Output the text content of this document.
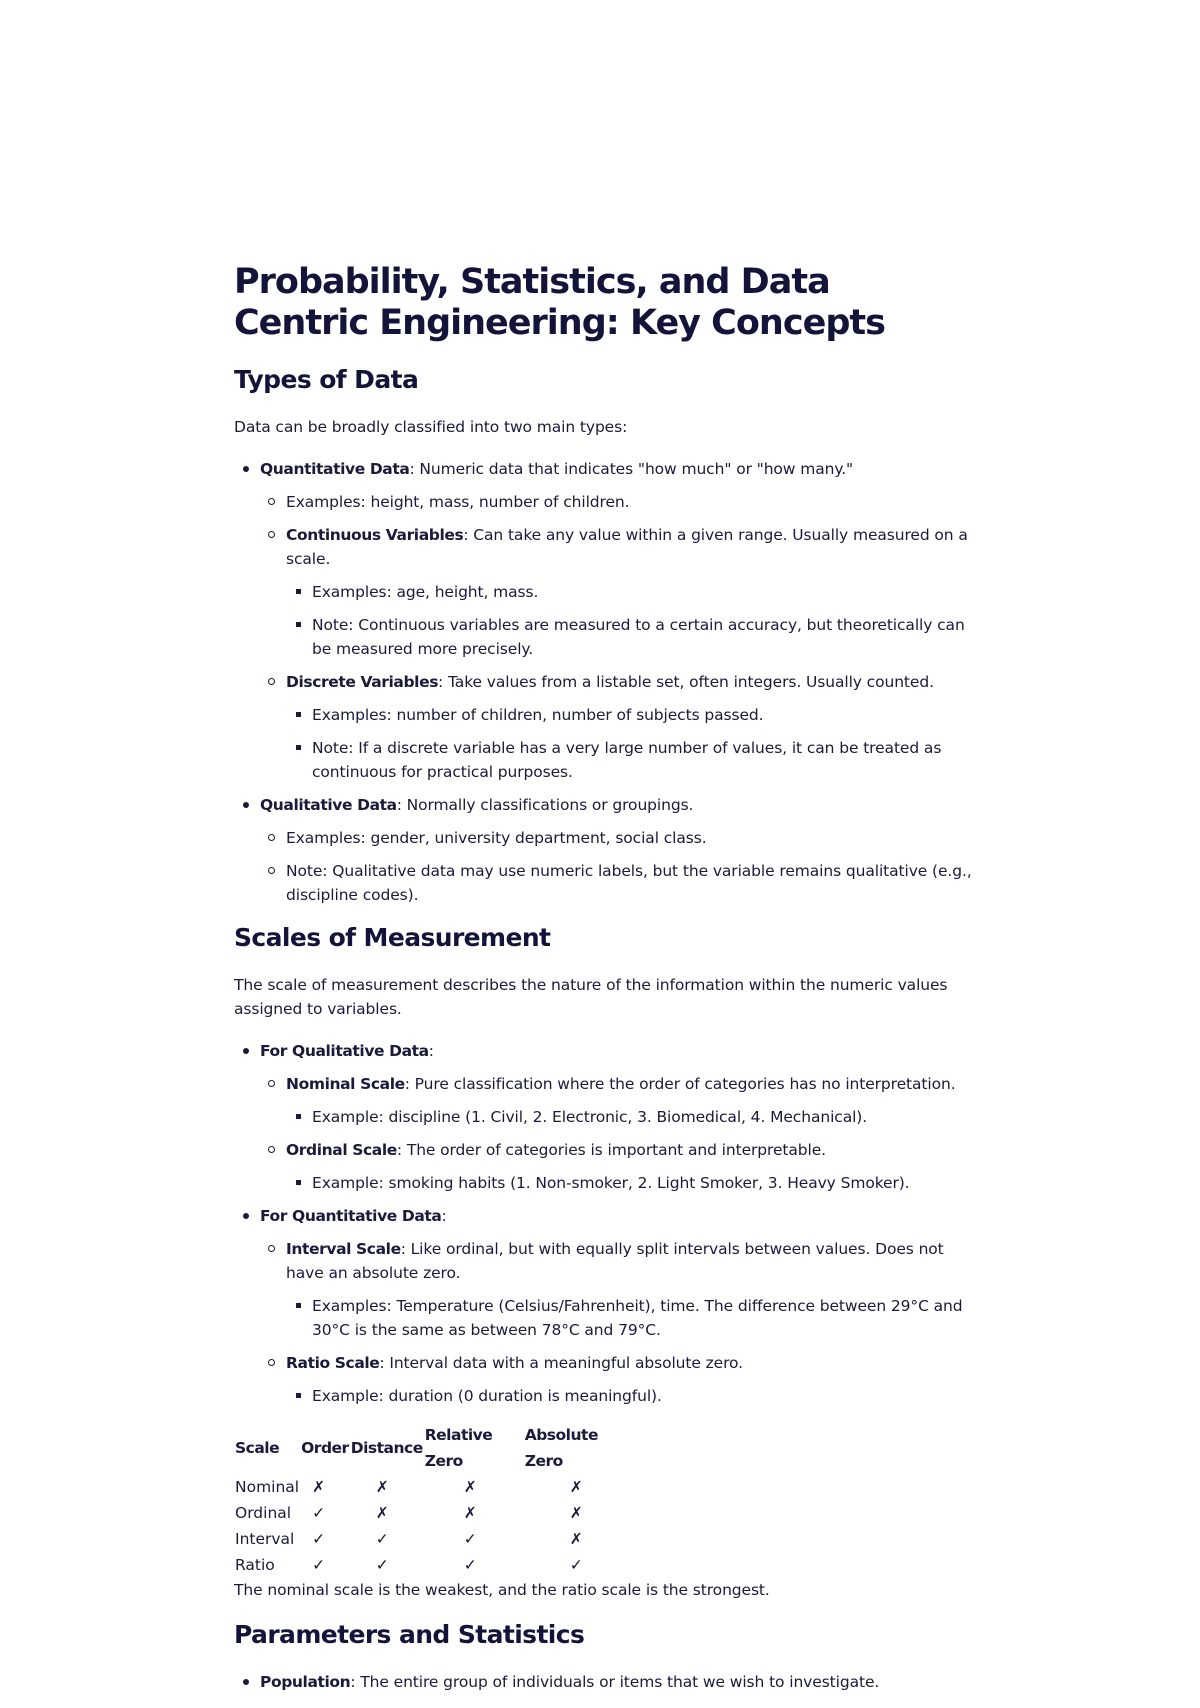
Probability, Statistics, and Data Centric Engineering: Key Concepts
Types of Data

Data can be broadly classified into two main types:

Quantitative Data: Numeric data that indicates "how much" or "how many."
Examples: height, mass, number of children.
Continuous Variables: Can take any value within a given range. Usually measured on a scale.
Examples: age, height, mass.
Note: Continuous variables are measured to a certain accuracy, but theoretically can be measured more precisely.
Discrete Variables: Take values from a listable set, often integers. Usually counted.
Examples: number of children, number of subjects passed.
Note: If a discrete variable has a very large number of values, it can be treated as continuous for practical purposes.
Qualitative Data: Normally classifications or groupings.
Examples: gender, university department, social class.
Note: Qualitative data may use numeric labels, but the variable remains qualitative (e.g., discipline codes).
Scales of Measurement

The scale of measurement describes the nature of the information within the numeric values assigned to variables.

For Qualitative Data:
Nominal Scale: Pure classification where the order of categories has no interpretation.
Example: discipline (1. Civil, 2. Electronic, 3. Biomedical, 4. Mechanical).
Ordinal Scale: The order of categories is important and interpretable.
Example: smoking habits (1. Non-smoker, 2. Light Smoker, 3. Heavy Smoker).
For Quantitative Data:
Interval Scale: Like ordinal, but with equally split intervals between values. Does not have an absolute zero.
Examples: Temperature (Celsius/Fahrenheit), time. The difference between 29°C and 30°C is the same as between 78°C and 79°C.
Ratio Scale: Interval data with a meaningful absolute zero.
Example: duration (0 duration is meaningful).
Scale	Order	Distance	Relative Zero	Absolute Zero
Nominal	✗	✗	✗	✗
Ordinal	✓	✗	✗	✗
Interval	✓	✓	✓	✗
Ratio	✓	✓	✓	✓

The nominal scale is the weakest, and the ratio scale is the strongest.

Parameters and Statistics
Population: The entire group of individuals or items that we wish to investigate.
